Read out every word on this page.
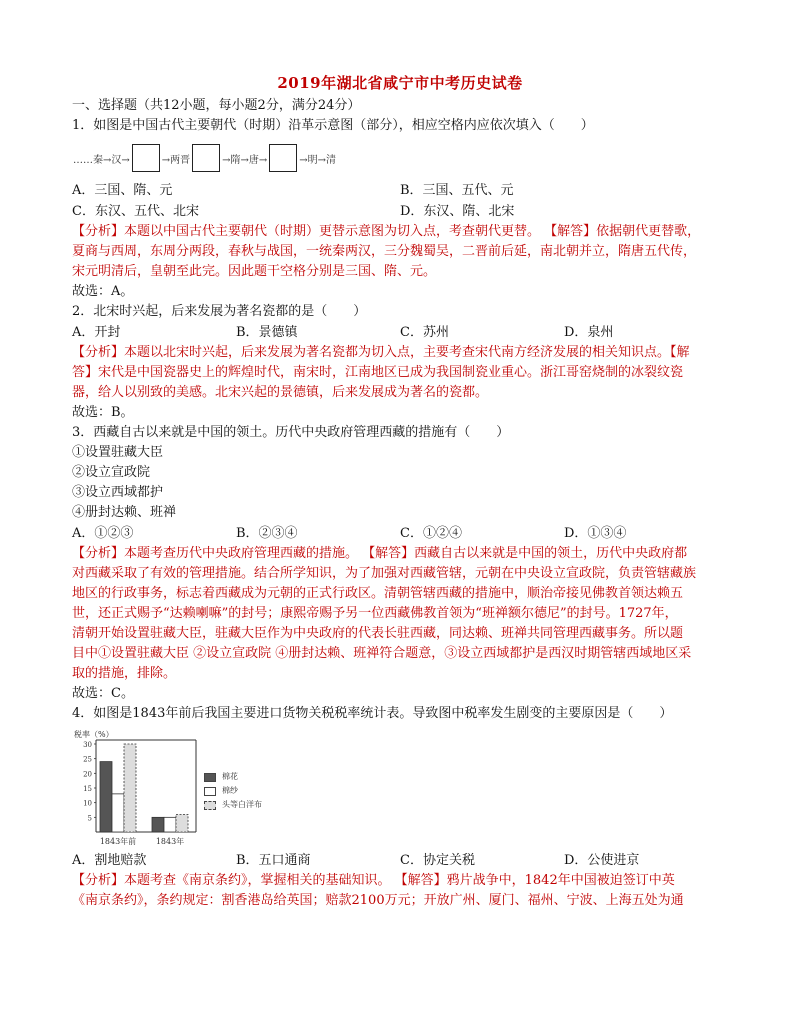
2019年湖北省咸宁市中考历史试卷

一、选择题（共12小题，每小题2分，满分24分）

1．如图是中国古代主要朝代（时期）沿革示意图（部分），相应空格内应依次填入（　　）

……秦→汉→	→两晋	→隋→唐→	→明→清
A．三国、隋、元	B．三国、五代、元
C．东汉、五代、北宋	D．东汉、隋、北宋

【分析】本题以中国古代主要朝代（时期）更替示意图为切入点，考查朝代更替。 【解答】依据朝代更替歌，

夏商与西周，东周分两段，春秋与战国，一统秦两汉，三分魏蜀吴，二晋前后延，南北朝并立，隋唐五代传，

宋元明清后，皇朝至此完。因此题干空格分别是三国、隋、元。

故选：A。

2．北宋时兴起，后来发展为著名瓷都的是（　　）

A．开封	B．景德镇	C．苏州	D．泉州

【分析】本题以北宋时兴起，后来发展为著名瓷都为切入点，主要考查宋代南方经济发展的相关知识点。【解

答】宋代是中国瓷器史上的辉煌时代，南宋时，江南地区已成为我国制瓷业重心。浙江哥窑烧制的冰裂纹瓷

器，给人以别致的美感。北宋兴起的景德镇，后来发展成为著名的瓷都。

故选：B。

3．西藏自古以来就是中国的领土。历代中央政府管理西藏的措施有（　　）

①设置驻藏大臣

②设立宣政院

③设立西域都护

④册封达赖、班禅

A．①②③	B．②③④	C．①②④	D．①③④

【分析】本题考查历代中央政府管理西藏的措施。 【解答】西藏自古以来就是中国的领土，历代中央政府都

对西藏采取了有效的管理措施。结合所学知识，为了加强对西藏管辖，元朝在中央设立宣政院，负责管辖藏族

地区的行政事务，标志着西藏成为元朝的正式行政区。清朝管辖西藏的措施中，顺治帝接见佛教首领达赖五

世，还正式赐予“达赖喇嘛”的封号；康熙帝赐予另一位西藏佛教首领为“班禅额尔德尼”的封号。1727年，

清朝开始设置驻藏大臣，驻藏大臣作为中央政府的代表长驻西藏，同达赖、班禅共同管理西藏事务。所以题

目中①设置驻藏大臣 ②设立宣政院 ④册封达赖、班禅符合题意，③设立西域都护是西汉时期管辖西域地区采

取的措施，排除。

故选：C。

4．如图是1843年前后我国主要进口货物关税税率统计表。导致图中税率发生剧变的主要原因是（　　）

税率（%）
5
10
15
20
25
30
1843年前 1843年
棉花
棉纱
头等白洋布
A．割地赔款	B．五口通商	C．协定关税	D．公使进京

【分析】本题考查《南京条约》，掌握相关的基础知识。 【解答】鸦片战争中，1842年中国被迫签订中英

《南京条约》，条约规定：割香港岛给英国；赔款2100万元；开放广州、厦门、福州、宁波、上海五处为通
